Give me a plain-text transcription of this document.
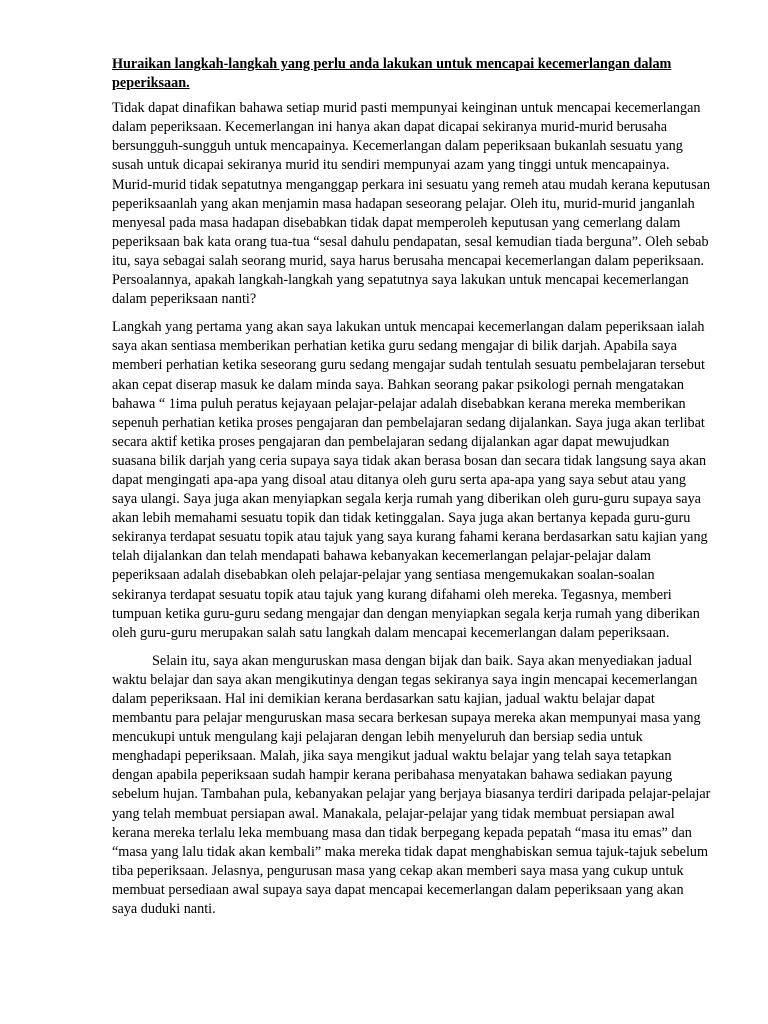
Huraikan langkah-langkah yang perlu anda lakukan untuk mencapai kecemerlangan dalam peperiksaan.

Tidak dapat dinafikan bahawa setiap murid pasti mempunyai keinginan untuk mencapai kecemerlangan dalam peperiksaan. Kecemerlangan ini hanya akan dapat dicapai sekiranya murid-murid berusaha bersungguh-sungguh untuk mencapainya. Kecemerlangan dalam peperiksaan bukanlah sesuatu yang susah untuk dicapai sekiranya murid itu sendiri mempunyai azam yang tinggi untuk mencapainya. Murid-murid tidak sepatutnya menganggap perkara ini sesuatu yang remeh atau mudah kerana keputusan peperiksaanlah yang akan menjamin masa hadapan seseorang pelajar. Oleh itu, murid-murid janganlah menyesal pada masa hadapan disebabkan tidak dapat memperoleh keputusan yang cemerlang dalam peperiksaan bak kata orang tua-tua “sesal dahulu pendapatan, sesal kemudian tiada berguna”. Oleh sebab itu, saya sebagai salah seorang murid, saya harus berusaha mencapai kecemerlangan dalam peperiksaan. Persoalannya, apakah langkah-langkah yang sepatutnya saya lakukan untuk mencapai kecemerlangan dalam peperiksaan nanti?

Langkah yang pertama yang akan saya lakukan untuk mencapai kecemerlangan dalam peperiksaan ialah saya akan sentiasa memberikan perhatian ketika guru sedang mengajar di bilik darjah. Apabila saya memberi perhatian ketika seseorang guru sedang mengajar sudah tentulah sesuatu pembelajaran tersebut akan cepat diserap masuk ke dalam minda saya. Bahkan seorang pakar psikologi pernah mengatakan bahawa “ 1ima puluh peratus kejayaan pelajar-pelajar adalah disebabkan kerana mereka memberikan sepenuh perhatian ketika proses pengajaran dan pembelajaran sedang dijalankan. Saya juga akan terlibat secara aktif ketika proses pengajaran dan pembelajaran sedang dijalankan agar dapat mewujudkan suasana bilik darjah yang ceria supaya saya tidak akan berasa bosan dan secara tidak langsung saya akan dapat mengingati apa-apa yang disoal atau ditanya oleh guru serta apa-apa yang saya sebut atau yang saya ulangi. Saya juga akan menyiapkan segala kerja rumah yang diberikan oleh guru-guru supaya saya akan lebih memahami sesuatu topik dan tidak ketinggalan. Saya juga akan bertanya kepada guru-guru sekiranya terdapat sesuatu topik atau tajuk yang saya kurang fahami kerana berdasarkan satu kajian yang telah dijalankan dan telah mendapati bahawa kebanyakan kecemerlangan pelajar-pelajar dalam peperiksaan adalah disebabkan oleh pelajar-pelajar yang sentiasa mengemukakan soalan-soalan sekiranya terdapat sesuatu topik atau tajuk yang kurang difahami oleh mereka. Tegasnya, memberi tumpuan ketika guru-guru sedang mengajar dan dengan menyiapkan segala kerja rumah yang diberikan oleh guru-guru merupakan salah satu langkah dalam mencapai kecemerlangan dalam peperiksaan.

Selain itu, saya akan menguruskan masa dengan bijak dan baik. Saya akan menyediakan jadual waktu belajar dan saya akan mengikutinya dengan tegas sekiranya saya ingin mencapai kecemerlangan dalam peperiksaan. Hal ini demikian kerana berdasarkan satu kajian, jadual waktu belajar dapat membantu para pelajar menguruskan masa secara berkesan supaya mereka akan mempunyai masa yang mencukupi untuk mengulang kaji pelajaran dengan lebih menyeluruh dan bersiap sedia untuk menghadapi peperiksaan. Malah, jika saya mengikut jadual waktu belajar yang telah saya tetapkan dengan apabila peperiksaan sudah hampir kerana peribahasa menyatakan bahawa sediakan payung sebelum hujan. Tambahan pula, kebanyakan pelajar yang berjaya biasanya terdiri daripada pelajar-pelajar yang telah membuat persiapan awal. Manakala, pelajar-pelajar yang tidak membuat persiapan awal kerana mereka terlalu leka membuang masa dan tidak berpegang kepada pepatah “masa itu emas” dan “masa yang lalu tidak akan kembali” maka mereka tidak dapat menghabiskan semua tajuk-tajuk sebelum tiba peperiksaan. Jelasnya, pengurusan masa yang cekap akan memberi saya masa yang cukup untuk membuat persediaan awal supaya saya dapat mencapai kecemerlangan dalam peperiksaan yang akan saya duduki nanti.
